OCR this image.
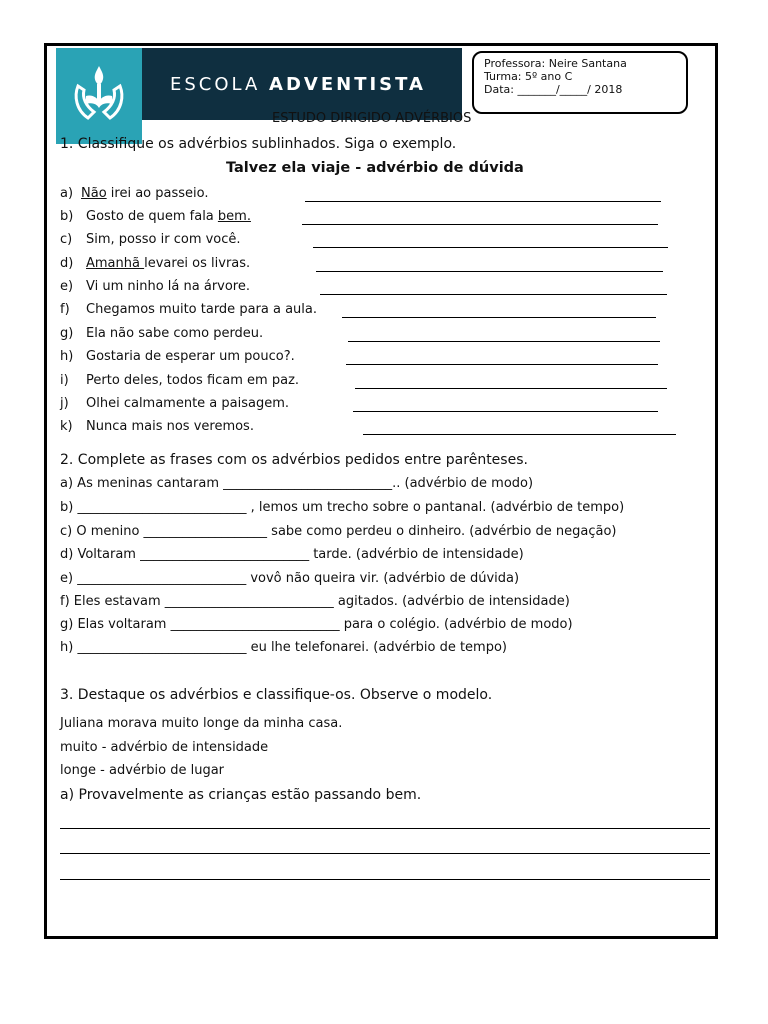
ESCOLA ADVENTISTA
Professora: Neire Santana
Turma: 5º ano C
Data: _______/_____/ 2018
ESTUDO DIRIGIDO ADVÉRBIOS
1. Classifique os advérbios sublinhados. Siga o exemplo.
Talvez ela viaje - advérbio de dúvida
a) Não irei ao passeio.
b) Gosto de quem fala bem.
c) Sim, posso ir com você.
d) Amanhã levarei os livras.
e) Vi um ninho lá na árvore.
f) Chegamos muito tarde para a aula.
g) Ela não sabe como perdeu.
h) Gostaria de esperar um pouco?.
i) Perto deles, todos ficam em paz.
j) Olhei calmamente a paisagem.
k) Nunca mais nos veremos.
2. Complete as frases com os advérbios pedidos entre parênteses.
a) As meninas cantaram __________________________.. (advérbio de modo)
b) __________________________ , lemos um trecho sobre o pantanal. (advérbio de tempo)
c) O menino ___________________ sabe como perdeu o dinheiro. (advérbio de negação)
d) Voltaram __________________________ tarde. (advérbio de intensidade)
e) __________________________ vovô não queira vir. (advérbio de dúvida)
f) Eles estavam __________________________ agitados. (advérbio de intensidade)
g) Elas voltaram __________________________ para o colégio. (advérbio de modo)
h) __________________________ eu lhe telefonarei. (advérbio de tempo)
3. Destaque os advérbios e classifique-os. Observe o modelo.
Juliana morava muito longe da minha casa.
muito - advérbio de intensidade
longe - advérbio de lugar
a) Provavelmente as crianças estão passando bem.
